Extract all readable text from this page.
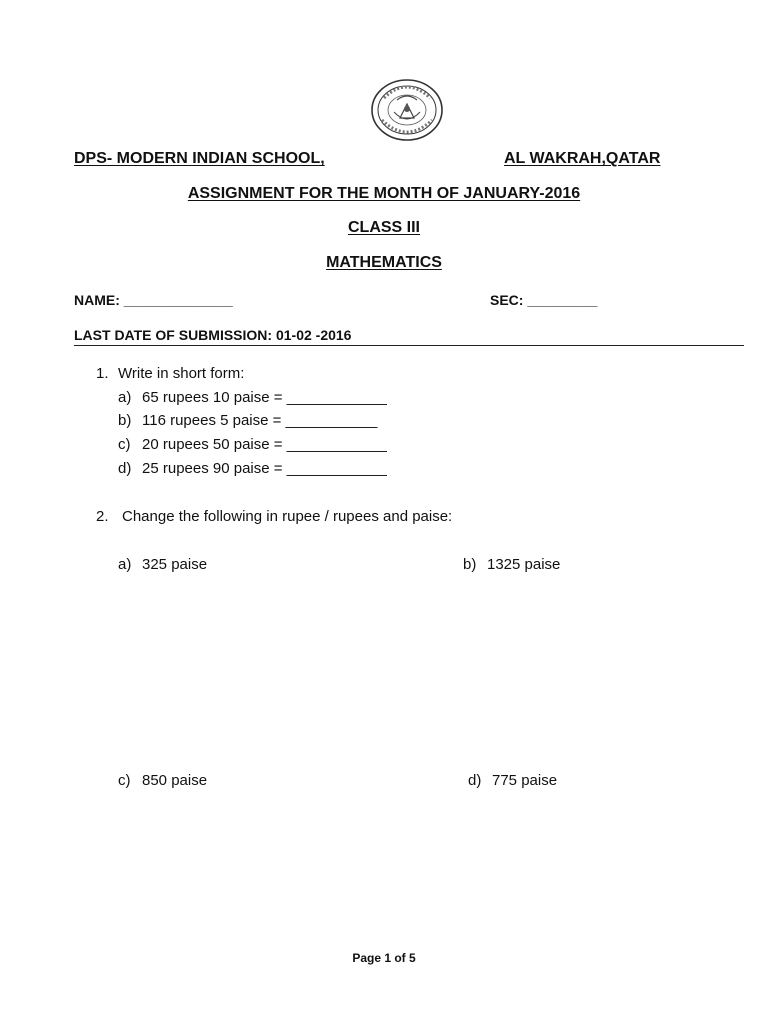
DPS- MODERN INDIAN SCHOOL,	AL WAKRAH,QATAR
ASSIGNMENT FOR THE MONTH OF JANUARY-2016
CLASS III
MATHEMATICS
NAME: ______________	SEC: _________
LAST DATE OF SUBMISSION: 01-02 -2016
1. Write in short form:
a) 65 rupees 10 paise = ____________
b) 116 rupees 5 paise = ___________
c) 20 rupees 50 paise = ____________
d) 25 rupees 90 paise = ____________
2. Change the following in rupee / rupees and paise:
a) 325 paise	b) 1325 paise
c) 850 paise	d) 775 paise
Page 1 of 5
